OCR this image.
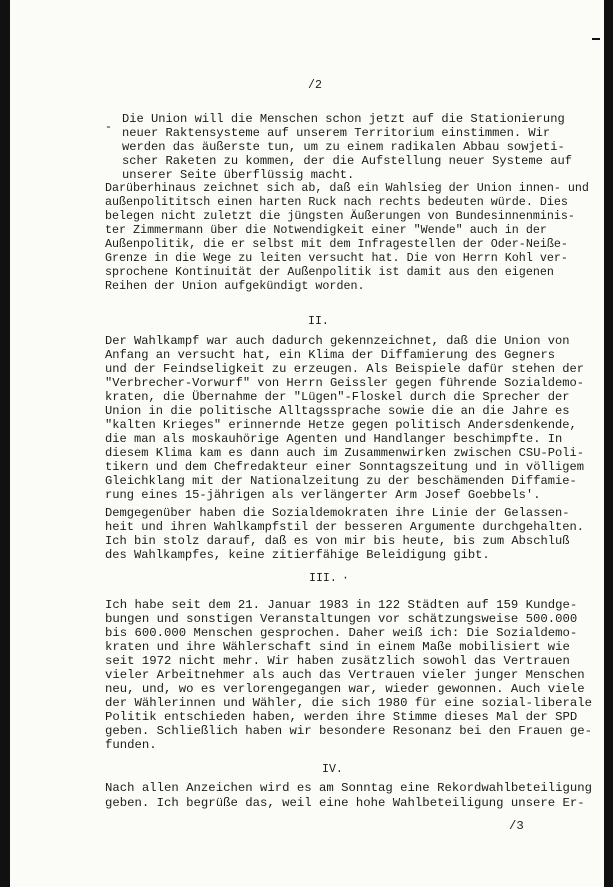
/2
-
Die Union will die Menschen schon jetzt auf die Stationierung
neuer Raktensysteme auf unserem Territorium einstimmen. Wir
werden das äußerste tun, um zu einem radikalen Abbau sowjeti-
scher Raketen zu kommen, der die Aufstellung neuer Systeme auf
unserer Seite überflüssig macht.
Darüberhinaus zeichnet sich ab, daß ein Wahlsieg der Union innen- und
außenpolititsch einen harten Ruck nach rechts bedeuten würde. Dies
belegen nicht zuletzt die jüngsten Äußerungen von Bundesinnenminis-
ter Zimmermann über die Notwendigkeit einer "Wende" auch in der
Außenpolitik, die er selbst mit dem Infragestellen der Oder-Neiße-
Grenze in die Wege zu leiten versucht hat. Die von Herrn Kohl ver-
sprochene Kontinuität der Außenpolitik ist damit aus den eigenen
Reihen der Union aufgekündigt worden.
II.
Der Wahlkampf war auch dadurch gekennzeichnet, daß die Union von
Anfang an versucht hat, ein Klima der Diffamierung des Gegners
und der Feindseligkeit zu erzeugen. Als Beispiele dafür stehen der
"Verbrecher-Vorwurf" von Herrn Geissler gegen führende Sozialdemo-
kraten, die Übernahme der "Lügen"-Floskel durch die Sprecher der
Union in die politische Alltagssprache sowie die an die Jahre es
"kalten Krieges" erinnernde Hetze gegen politisch Andersdenkende,
die man als moskauhörige Agenten und Handlanger beschimpfte. In
diesem Klima kam es dann auch im Zusammenwirken zwischen CSU-Poli-
tikern und dem Chefredakteur einer Sonntagszeitung und in völligem
Gleichklang mit der Nationalzeitung zu der beschämenden Diffamie-
rung eines 15-jährigen als verlängerter Arm Josef Goebbels'.
Demgegenüber haben die Sozialdemokraten ihre Linie der Gelassen-
heit und ihren Wahlkampfstil der besseren Argumente durchgehalten.
Ich bin stolz darauf, daß es von mir bis heute, bis zum Abschluß
des Wahlkampfes, keine zitierfähige Beleidigung gibt.
III. ·
Ich habe seit dem 21. Januar 1983 in 122 Städten auf 159 Kundge-
bungen und sonstigen Veranstaltungen vor schätzungsweise 500.000
bis 600.000 Menschen gesprochen. Daher weiß ich: Die Sozialdemo-
kraten und ihre Wählerschaft sind in einem Maße mobilisiert wie
seit 1972 nicht mehr. Wir haben zusätzlich sowohl das Vertrauen
vieler Arbeitnehmer als auch das Vertrauen vieler junger Menschen
neu, und, wo es verlorengegangen war, wieder gewonnen. Auch viele
der Wählerinnen und Wähler, die sich 1980 für eine sozial-liberale
Politik entschieden haben, werden ihre Stimme dieses Mal der SPD
geben. Schließlich haben wir besondere Resonanz bei den Frauen ge-
funden.
IV.
Nach allen Anzeichen wird es am Sonntag eine Rekordwahlbeteiligung
geben. Ich begrüße das, weil eine hohe Wahlbeteiligung unsere Er-
/3
